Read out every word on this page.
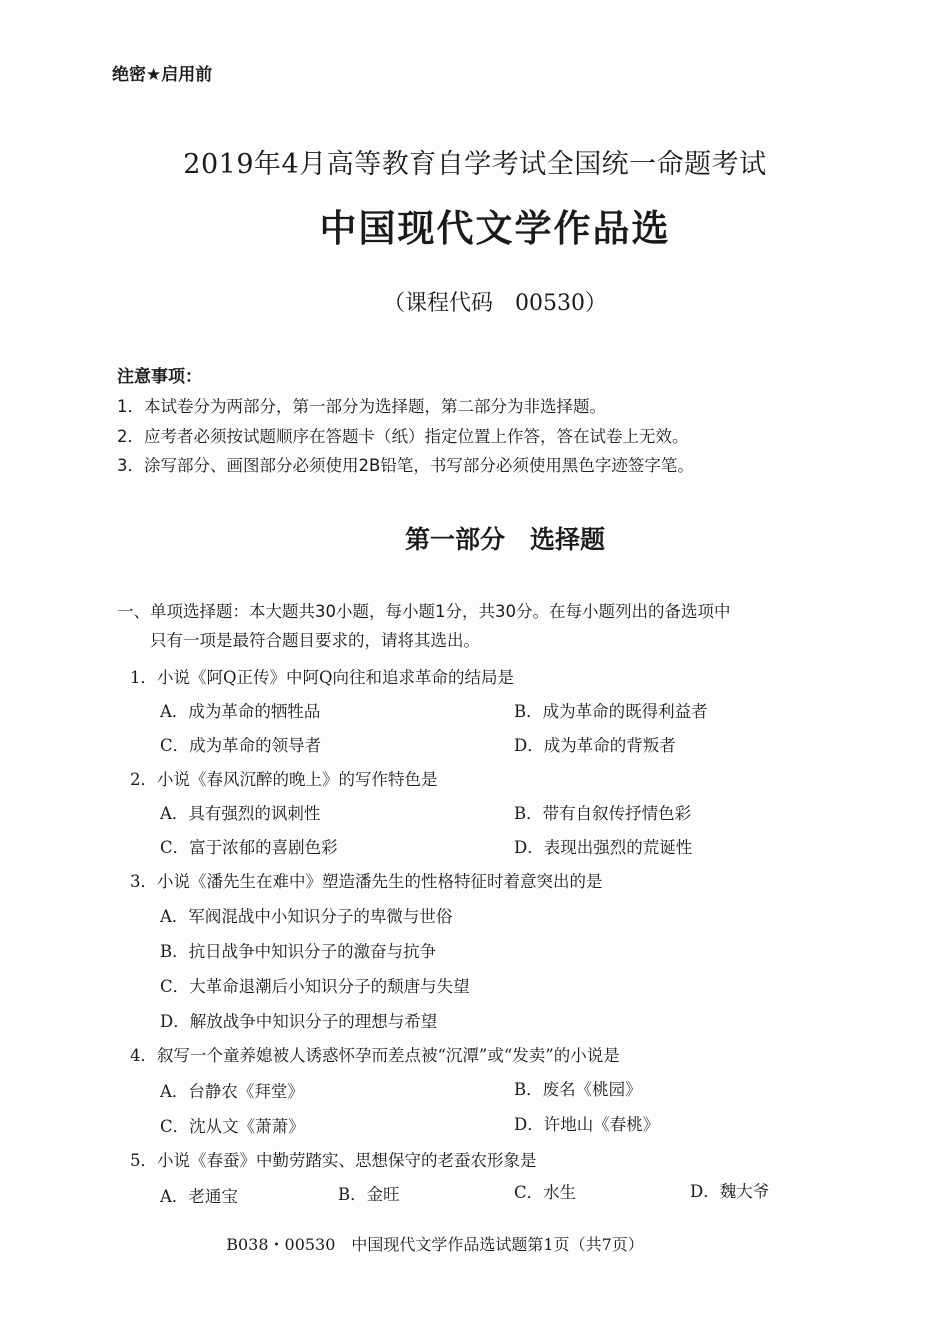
绝密★启用前
2019年4月高等教育自学考试全国统一命题考试
中国现代文学作品选
（课程代码　00530）
注意事项：
1．本试卷分为两部分，第一部分为选择题，第二部分为非选择题。
2．应考者必须按试题顺序在答题卡（纸）指定位置上作答，答在试卷上无效。
3．涂写部分、画图部分必须使用2B铅笔，书写部分必须使用黑色字迹签字笔。
第一部分　选择题
一、单项选择题：本大题共30小题，每小题1分，共30分。在每小题列出的备选项中
只有一项是最符合题目要求的，请将其选出。
1．小说《阿Q正传》中阿Q向往和追求革命的结局是
A．成为革命的牺牲品	B．成为革命的既得利益者
C．成为革命的领导者	D．成为革命的背叛者
2．小说《春风沉醉的晚上》的写作特色是
A．具有强烈的讽刺性	B．带有自叙传抒情色彩
C．富于浓郁的喜剧色彩	D．表现出强烈的荒诞性
3．小说《潘先生在难中》塑造潘先生的性格特征时着意突出的是
A．军阀混战中小知识分子的卑微与世俗
B．抗日战争中知识分子的激奋与抗争
C．大革命退潮后小知识分子的颓唐与失望
D．解放战争中知识分子的理想与希望
4．叙写一个童养媳被人诱惑怀孕而差点被“沉潭”或“发卖”的小说是
A．台静农《拜堂》	B．废名《桃园》
C．沈从文《萧萧》	D．许地山《春桃》
5．小说《春蚕》中勤劳踏实、思想保守的老蚕农形象是
A．老通宝	B．金旺	C．水生	D．魏大爷
B038・00530　中国现代文学作品选试题第1页（共7页）
